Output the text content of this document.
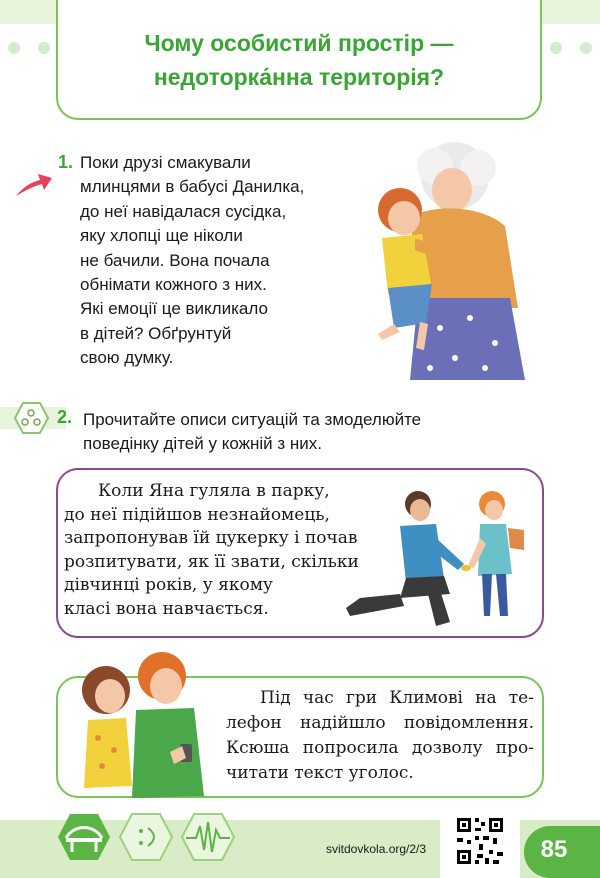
Чому особистий простір —
недоторка́нна територія?
1. Поки друзі смакували
млинцями в бабусі Данилка,
до неї навідалася сусідка,
яку хлопці ще ніколи
не бачили. Вона почала
обнімати кожного з них.
Які емоції це викликало
в дітей? Обґрунтуй
свою думку.
2. Прочитайте описи ситуацій та змоделюйте
поведінку дітей у кожній з них.
Коли Яна гуляла в парку,
до неї підійшов незнайомець,
запропонував їй цукерку і почав
розпитувати, як її звати, скільки
дівчинці років, у якому
класі вона навчається.
Під час гри Климові на те-
лефон надійшло повідомлення.
Ксюша попросила дозволу про-
читати текст уголос.
svitdovkola.org/2/3	85
